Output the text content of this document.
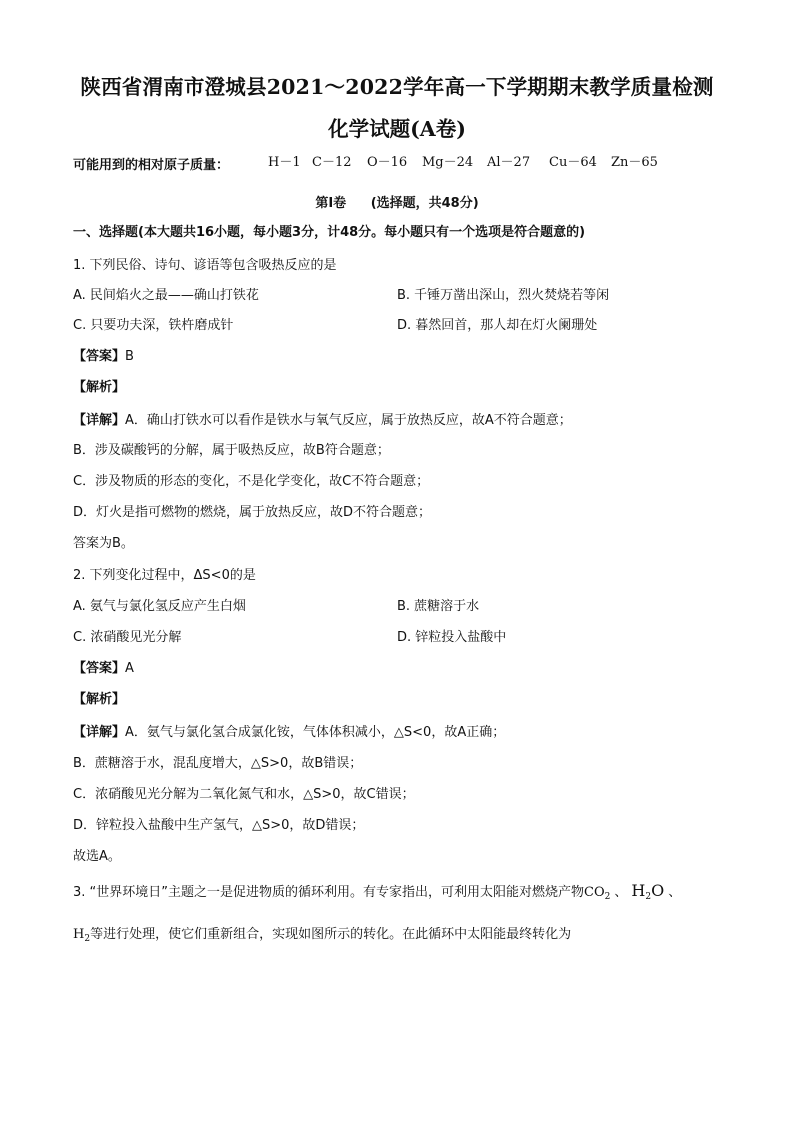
陕西省渭南市澄城县2021～2022学年高一下学期期末教学质量检测
化学试题(A卷)
可能用到的相对原子质量：	H－1 C－12 O－16 Mg－24 Al－27 Cu－64 Zn－65
第Ⅰ卷 (选择题，共48分)
一、选择题(本大题共16小题，每小题3分，计48分。每小题只有一个选项是符合题意的)
1. 下列民俗、诗句、谚语等包含吸热反应的是
A. 民间焰火之最——确山打铁花	B. 千锤万凿出深山，烈火焚烧若等闲
C. 只要功夫深，铁杵磨成针	D. 暮然回首，那人却在灯火阑珊处
【答案】B
【解析】
【详解】A．确山打铁水可以看作是铁水与氧气反应，属于放热反应，故A不符合题意；
B．涉及碳酸钙的分解，属于吸热反应，故B符合题意；
C．涉及物质的形态的变化，不是化学变化，故C不符合题意；
D．灯火是指可燃物的燃烧，属于放热反应，故D不符合题意；
答案为B。
2. 下列变化过程中，ΔS<0的是
A. 氨气与氯化氢反应产生白烟	B. 蔗糖溶于水
C. 浓硝酸见光分解	D. 锌粒投入盐酸中
【答案】A
【解析】
【详解】A．氨气与氯化氢合成氯化铵，气体体积减小，△S<0，故A正确；
B．蔗糖溶于水，混乱度增大，△S>0，故B错误；
C．浓硝酸见光分解为二氧化氮气和水，△S>0，故C错误；
D．锌粒投入盐酸中生产氢气，△S>0，故D错误；
故选A。
3. “世界环境日”主题之一是促进物质的循环利用。有专家指出，可利用太阳能对燃烧产物$CO_2$ 、 $H_2O$ 、
$H_2$等进行处理，使它们重新组合，实现如图所示的转化。在此循环中太阳能最终转化为
